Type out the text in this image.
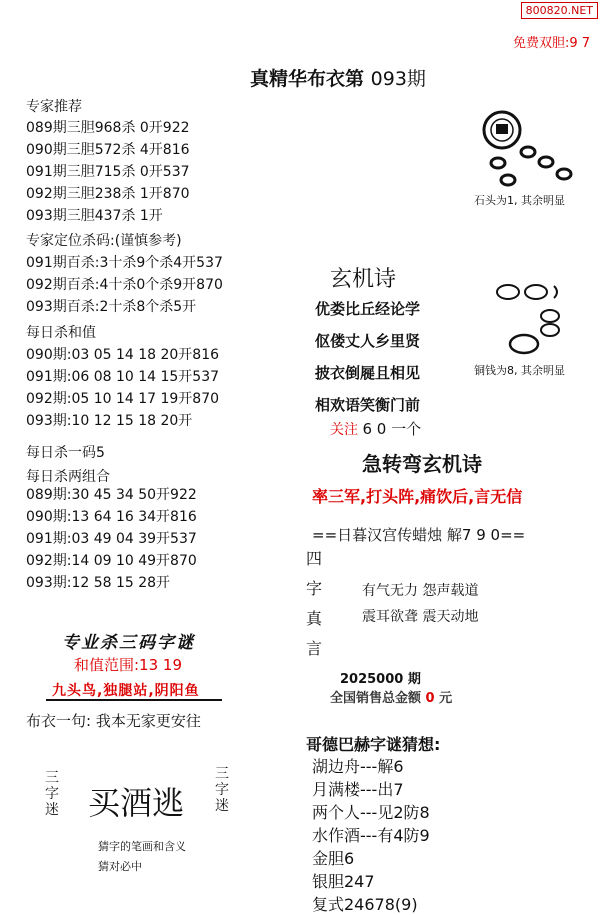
800820.NET
免费双胆:9 7
真精华布衣第 093期
专家推荐
089期三胆968杀 0开922
090期三胆572杀 4开816
091期三胆715杀 0开537
092期三胆238杀 1开870
093期三胆437杀 1开
专家定位杀码:(谨慎参考)
091期百杀:3十杀9个杀4开537
092期百杀:4十杀0个杀9开870
093期百杀:2十杀8个杀5开
每日杀和值
090期:03 05 14 18 20开816
091期:06 08 10 14 15开537
092期:05 10 14 17 19开870
093期:10 12 15 18 20开
每日杀一码5
每日杀两组合
089期:30 45 34 50开922
090期:13 64 16 34开816
091期:03 49 04 39开537
092期:14 09 10 49开870
093期:12 58 15 28开
专业杀三码字谜
和值范围:13 19
九头鸟,独腿站,阴阳鱼
布衣一句: 我本无家更安往
三字迷 买酒逃
三字迷
猜字的笔画和含义
猜对必中
石头为1, 其余明显
铜钱为8, 其余明显
玄机诗
优娄比丘经论学
伛偻丈人乡里贤
披衣倒屣且相见
相欢语笑衡门前
关注 6 0 一个
急转弯玄机诗
率三军,打头阵,痛饮后,言无信
==日暮汉宫传蜡烛 解7 9 0==
四
字
真
言
有气无力 怨声载道
震耳欲聋 震天动地
2025000 期
全国销售总金额 0 元
哥德巴赫字谜猜想:
湖边舟---解6
月满楼---出7
两个人---见2防8
水作酒---有4防9
金胆6
银胆247
复式24678(9)
